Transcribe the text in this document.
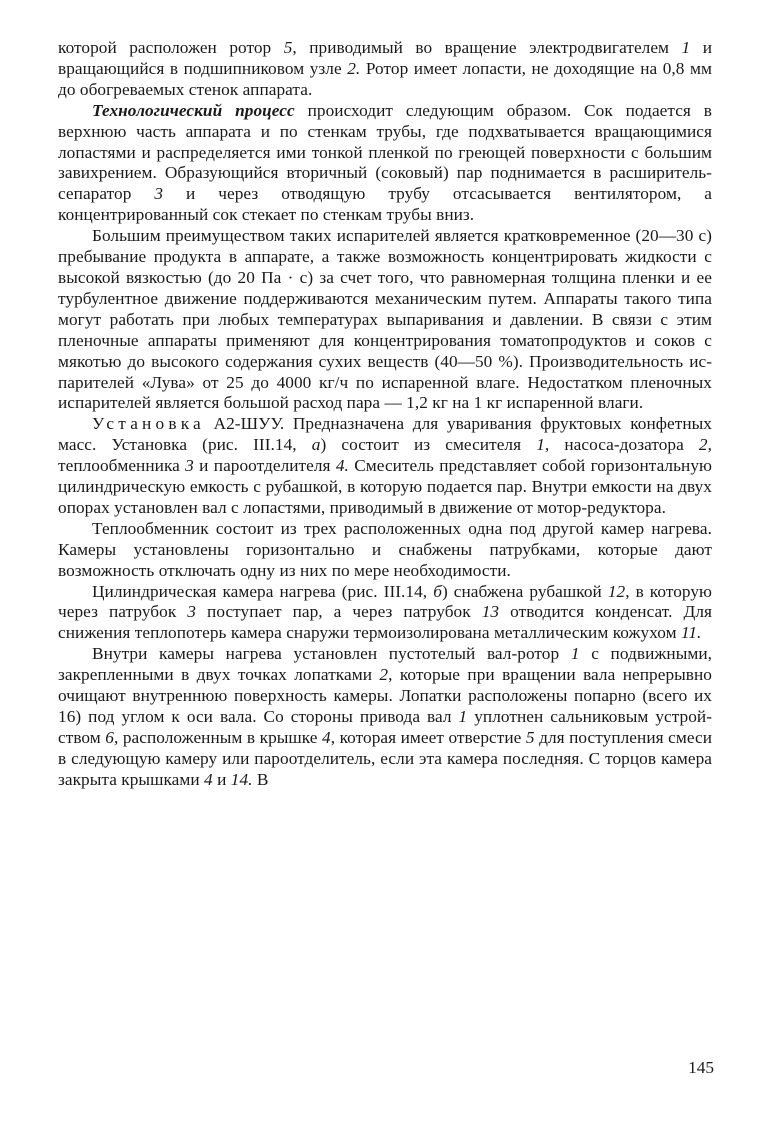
которой расположен ротор 5, приводимый во вращение электродвигателем 1 и вращающийся в подшипниковом узле 2. Ротор имеет лопасти, не доходящие на 0,8 мм до обогреваемых стенок аппарата.

Технологический процесс происходит следующим образом. Сок подается в верхнюю часть аппарата и по стенкам трубы, где подхватывается вращающимися лопастями и распределяется ими тонкой пленкой по греющей поверхности с большим завихрением. Образующийся вторичный (соковый) пар поднимается в расширитель-сепаратор 3 и через отводящую трубу отсасывается вентилятором, а концентрированный сок стекает по стенкам трубы вниз.

Большим преимуществом таких испарителей является кратковременное (20—30 с) пребывание продукта в аппарате, а также возможность концентрировать жидкости с высокой вязкостью (до 20 Па · с) за счет того, что равномерная толщина пленки и ее турбулентное движение поддерживаются механическим путем. Аппараты такого типа могут работать при любых температурах выпаривания и давлении. В связи с этим пленочные аппараты применяют для концентрирования томатопродуктов и соков с мякотью до высокого содержания сухих веществ (40—50 %). Производительность испарителей «Лува» от 25 до 4000 кг/ч по испаренной влаге. Недостатком пленочных испарителей является большой расход пара — 1,2 кг на 1 кг испаренной влаги.

Установка А2-ШУУ. Предназначена для уваривания фруктовых конфетных масс. Установка (рис. III.14, а) состоит из смесителя 1, насоса-дозатора 2, теплообменника 3 и пароотделителя 4. Смеситель представляет собой горизонтальную цилиндрическую емкость с рубашкой, в которую подается пар. Внутри емкости на двух опорах установлен вал с лопастями, приводимый в движение от мотор-редуктора.

Теплообменник состоит из трех расположенных одна под другой камер нагрева. Камеры установлены горизонтально и снабжены патрубками, которые дают возможность отключать одну из них по мере необходимости.

Цилиндрическая камера нагрева (рис. III.14, б) снабжена рубашкой 12, в которую через патрубок 3 поступает пар, а через патрубок 13 отводится конденсат. Для снижения теплопотерь камера снаружи термоизолирована металлическим кожухом 11.

Внутри камеры нагрева установлен пустотелый вал-ротор 1 с подвижными, закрепленными в двух точках лопатками 2, которые при вращении вала непрерывно очищают внутреннюю поверхность камеры. Лопатки расположены попарно (всего их 16) под углом к оси вала. Со стороны привода вал 1 уплотнен сальниковым устройством 6, расположенным в крышке 4, которая имеет отверстие 5 для поступления смеси в следующую камеру или пароотделитель, если эта камера последняя. С торцов камера закрыта крышками 4 и 14. В

145
